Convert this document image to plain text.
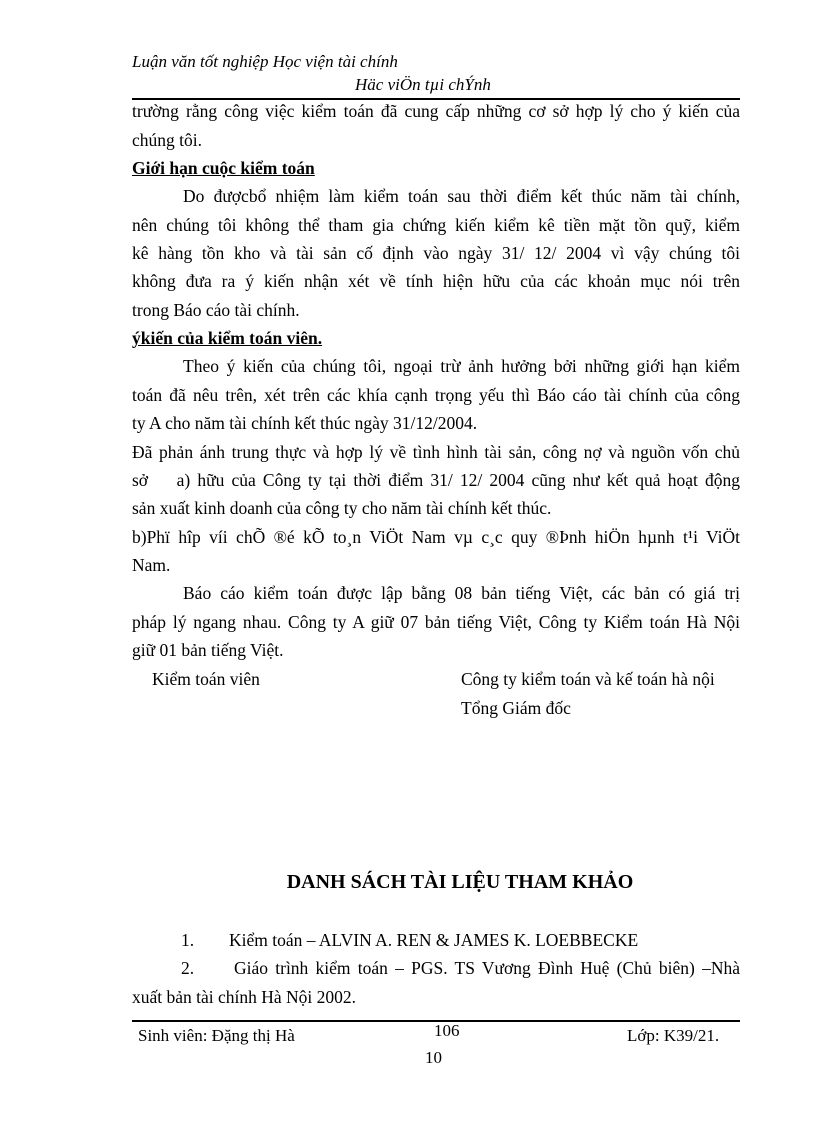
Luận văn tốt nghiệp Học viện tài chính
Häc viÖn tµi chÝnh
trường rằng công việc kiểm toán đã cung cấp những cơ sở hợp lý cho ý kiến của
chúng tôi.
Giới hạn cuộc kiểm toán
Do đượcbổ nhiệm làm kiểm toán sau thời điểm kết thúc năm tài chính,
nên chúng tôi không thể tham gia chứng kiến kiểm kê tiền mặt tồn quỹ, kiểm
kê hàng tồn kho và tài sản cố định vào ngày 31/ 12/ 2004 vì vậy chúng tôi
không đưa ra ý kiến nhận xét về tính hiện hữu của các khoản mục nói trên
trong Báo cáo tài chính.
ýkiến của kiểm toán viên.
Theo ý kiến của chúng tôi, ngoại trừ ảnh hưởng bởi những giới hạn kiểm
toán đã nêu trên, xét trên các khía cạnh trọng yếu thì Báo cáo tài chính của công
ty A cho năm tài chính kết thúc ngày 31/12/2004.
Đã phản ánh trung thực và hợp lý về tình hình tài sản, công nợ và nguồn vốn chủ
sở    a) hữu của Công ty tại thời điểm 31/ 12/ 2004 cũng như kết quả hoạt động
sản xuất kinh doanh của công ty cho năm tài chính kết thúc.
b)Phï hîp víi chÕ ®é kÕ to¸n ViÖt Nam vµ c¸c quy ®Þnh hiÖn hµnh t¹i ViÖt
Nam.
Báo cáo kiểm toán được lập bằng 08 bản tiếng Việt, các bản có giá trị
pháp lý ngang nhau. Công ty A giữ 07 bản tiếng Việt, Công ty Kiểm toán Hà Nội
giữ 01 bản tiếng Việt.
Kiểm toán viên	Công ty kiểm toán và kế toán hà nội
Tổng Giám đốc
DANH SÁCH TÀI LIỆU THAM KHẢO
1. Kiểm toán – ALVIN A. REN & JAMES K. LOEBBECKE
2. Giáo trình kiểm toán – PGS. TS Vương Đình Huệ (Chủ biên) –Nhà
xuất bản tài chính Hà Nội 2002.
Sinh viên: Đặng thị Hà	106	Lớp: K39/21.
10
